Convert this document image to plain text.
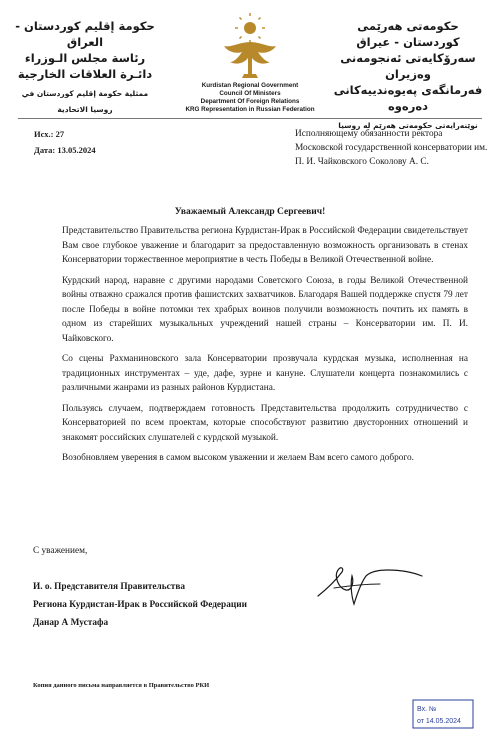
حكومة إقليم كوردستان - العراق
رئاسة مجلس الـوزراء
دائـرة العلاقات الخارجية
ممثلية حكومة إقليم كوردستان في روسيا الاتحادية
Kurdistan Regional Government
Council Of Ministers
Department Of Foreign Relations
KRG Representation in Russian Federation
حکومەتی هەرێمی کوردستان - عیراق
سەرۆکایەتی ئەنجومەنی وەزیران
فەرمانگەی پەیوەندییەکانی دەرەوە
نوێنەرایەتی حکومەتی هەرێم لە روسیا
Исх.: 27
Дата: 13.05.2024
Исполняющему обязанности ректора Московской государственной консерватории им. П. И. Чайковского Соколову А. С.
Уважаемый Александр Сергеевич!

Представительство Правительства региона Курдистан-Ирак в Российской Федерации свидетельствует Вам свое глубокое уважение и благодарит за предоставленную возможность организовать в стенах Консерватории торжественное мероприятие в честь Победы в Великой Отечественной войне.

Курдский народ, наравне с другими народами Советского Союза, в годы Великой Отечественной войны отважно сражался против фашистских захватчиков. Благодаря Вашей поддержке спустя 79 лет после Победы в войне потомки тех храбрых воинов получили возможность почтить их память в одном из старейших музыкальных учреждений нашей страны – Консерватории им. П. И. Чайковского.

Со сцены Рахманиновского зала Консерватории прозвучала курдская музыка, исполненная на традиционных инструментах – уде, дафе, зурне и кануне. Слушатели концерта познакомились с различными жанрами из разных районов Курдистана.

Пользуясь случаем, подтверждаем готовность Представительства продолжить сотрудничество с Консерваторией по всем проектам, которые способствуют развитию двусторонних отношений и знакомят российских слушателей с курдской музыкой.

Возобновляем уверения в самом высоком уважении и желаем Вам всего самого доброго.

С уважением,
И. о. Представителя Правительства
Региона Курдистан-Ирак в Российской Федерации
Данар А Мустафа
Копия данного письма направляется в Правительство РКИ
Вх. №
от 14.05.2024
